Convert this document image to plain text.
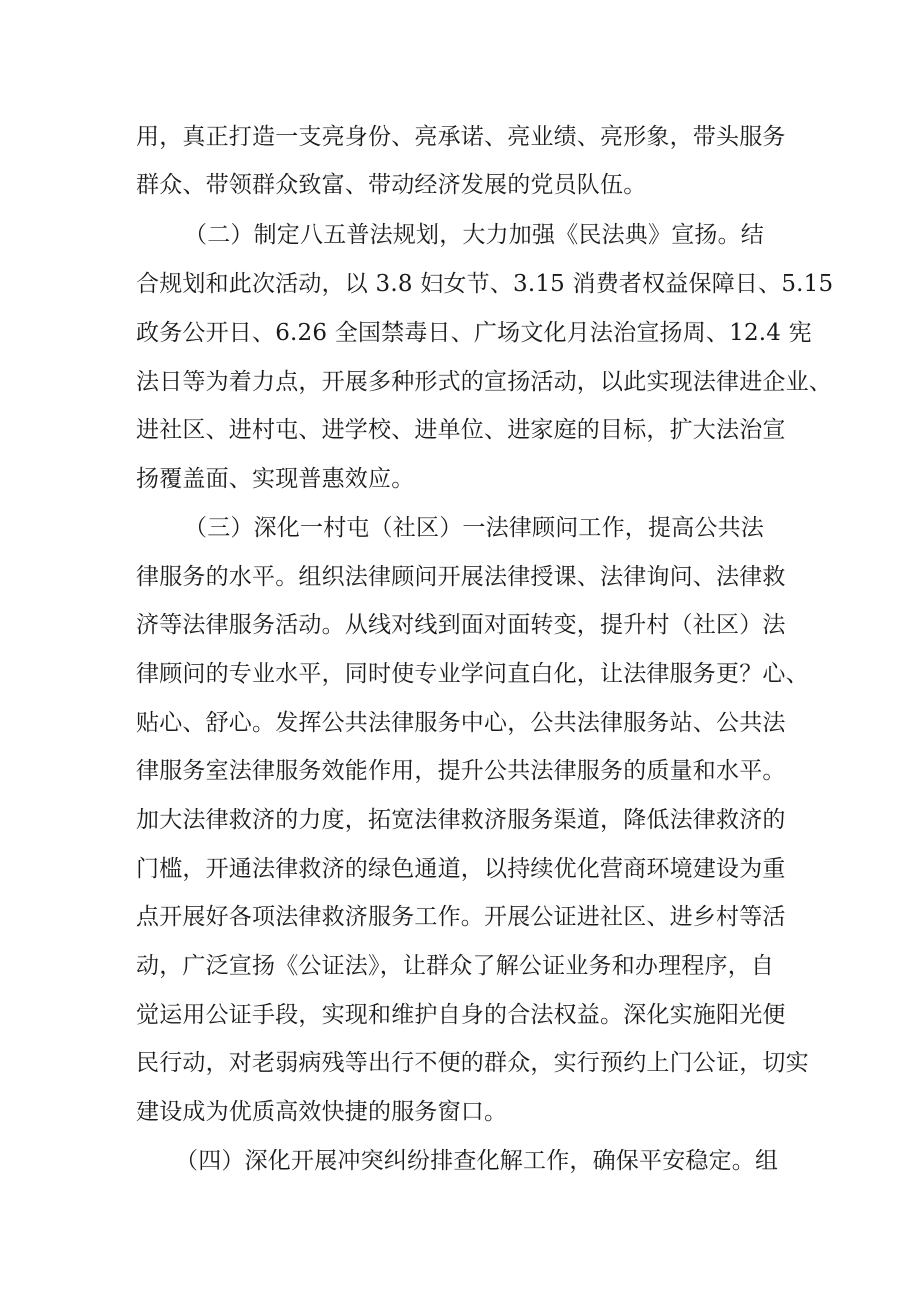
用，真正打造一支亮身份、亮承诺、亮业绩、亮形象，带头服务
群众、带领群众致富、带动经济发展的党员队伍。
（二）制定八五普法规划，大力加强《民法典》宣扬。结
合规划和此次活动，以 3.8 妇女节、3.15 消费者权益保障日、5.15
政务公开日、6.26 全国禁毒日、广场文化月法治宣扬周、12.4 宪
法日等为着力点，开展多种形式的宣扬活动，以此实现法律进企业、
进社区、进村屯、进学校、进单位、进家庭的目标，扩大法治宣
扬覆盖面、实现普惠效应。
（三）深化一村屯（社区）一法律顾问工作，提高公共法
律服务的水平。组织法律顾问开展法律授课、法律询问、法律救
济等法律服务活动。从线对线到面对面转变，提升村（社区）法
律顾问的专业水平，同时使专业学问直白化，让法律服务更？心、
贴心、舒心。发挥公共法律服务中心，公共法律服务站、公共法
律服务室法律服务效能作用，提升公共法律服务的质量和水平。
加大法律救济的力度，拓宽法律救济服务渠道，降低法律救济的
门槛，开通法律救济的绿色通道，以持续优化营商环境建设为重
点开展好各项法律救济服务工作。开展公证进社区、进乡村等活
动，广泛宣扬《公证法》，让群众了解公证业务和办理程序，自
觉运用公证手段，实现和维护自身的合法权益。深化实施阳光便
民行动，对老弱病残等出行不便的群众，实行预约上门公证，切实
建设成为优质高效快捷的服务窗口。
（四）深化开展冲突纠纷排查化解工作，确保平安稳定。组
